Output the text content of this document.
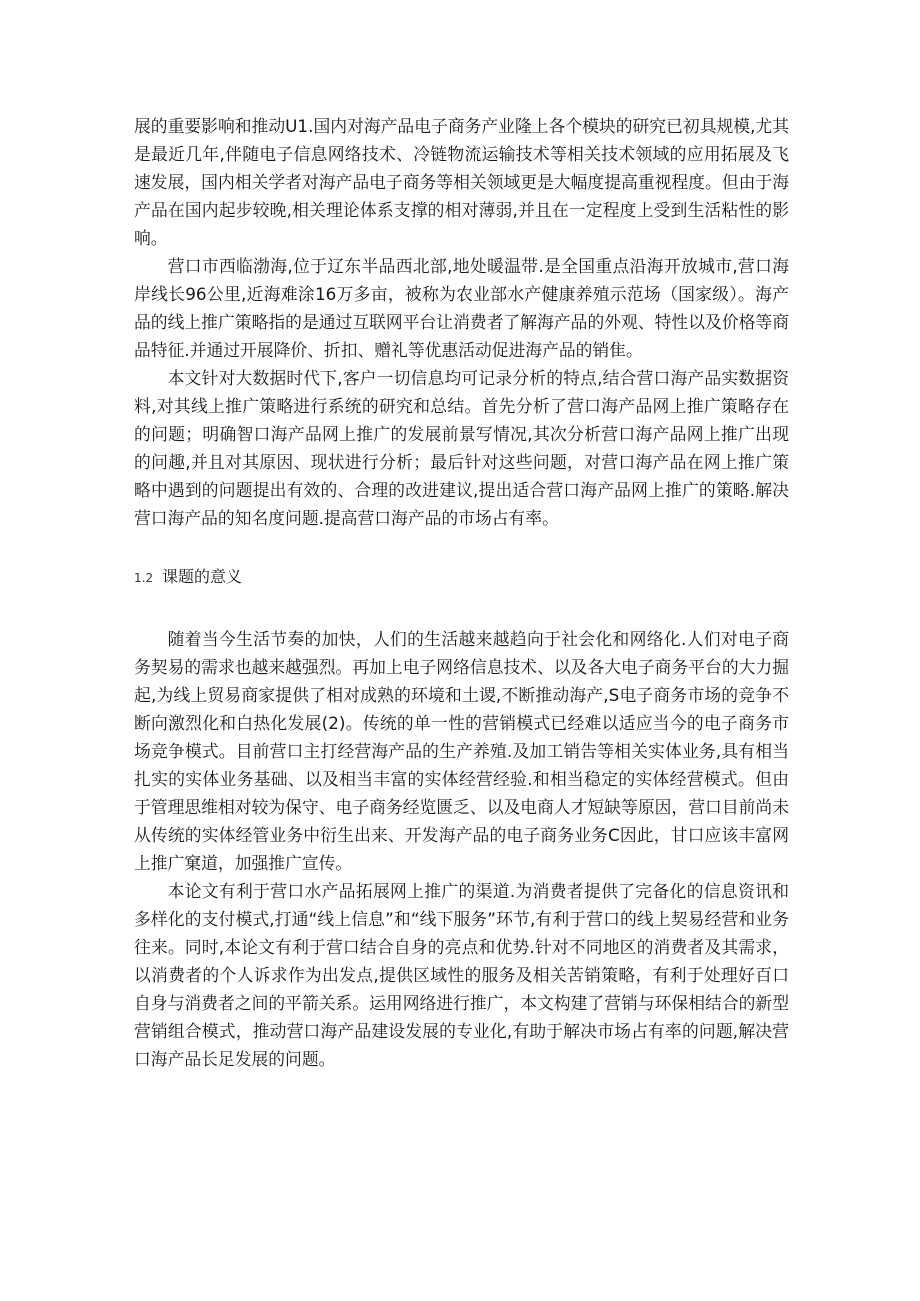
展的重要影响和推动U1.国内对海产品电子商务产业隆上各个模块的研究已初具规模,尤其是最近几年,伴随电子信息网络技术、冷链物流运输技术等相关技术领域的应用拓展及飞速发展，国内相关学者对海产品电子商务等相关领域更是大幅度提高重视程度。但由于海产品在国内起步较晚,相关理论体系支撑的相对薄弱,并且在一定程度上受到生活粘性的影响。

营口市西临渤海,位于辽东半品西北部,地处暖温带.是全国重点沿海开放城市,营口海岸线长96公里,近海难涂16万多亩，被称为农业部水产健康养殖示范场（国家级）。海产品的线上推广策略指的是通过互联网平台让消费者了解海产品的外观、特性以及价格等商品特征.并通过开展降价、折扣、赠礼等优惠活动促进海产品的销隹。

本文针对大数据时代下,客户一切信息均可记录分析的特点,结合营口海产品实数据资料,对其线上推广策略进行系统的研究和总结。首先分析了营口海产品网上推广策略存在的问题；明确智口海产品网上推广的发展前景写情况,其次分析营口海产品网上推广出现的问趣,并且对其原因、现状进行分析；最后针对这些问题，对营口海产品在网上推广策略中遇到的问题提出有效的、合理的改进建议,提出适合营口海产品网上推广的策略.解决营口海产品的知名度问题.提高营口海产品的市场占有率。

1.2 课题的意义

随着当今生活节奏的加快，人们的生活越来越趋向于社会化和网络化.人们对电子商务契易的需求也越来越强烈。再加上电子网络信息技术、以及各大电子商务平台的大力掘起,为线上贸易商家提供了相对成熟的环境和土谡,不断推动海产,S电子商务市场的竞争不断向激烈化和白热化发展(2)。传统的单一性的营销模式已经难以适应当今的电子商务市场竞争模式。目前营口主打经营海产品的生产养殖.及加工销告等相关实体业务,具有相当扎实的实体业务基础、以及相当丰富的实体经营经验.和相当稳定的实体经营模式。但由于管理思维相对较为保守、电子商务经览匮乏、以及电商人才短缺等原因，营口目前尚未从传统的实体经管业务中衍生出来、开发海产品的电子商务业务C因此，甘口应该丰富网上推广窠道，加强推广宣传。

本论文有利于营口水产品拓展网上推广的渠道.为消费者提供了完备化的信息资讯和多样化的支付模式,打通“线上信息”和“线下服务”环节,有利于营口的线上契易经营和业务往来。同时,本论文有利于营口结合自身的亮点和优势.针对不同地区的消费者及其需求，以消费者的个人诉求作为出发点,提供区域性的服务及相关苦销策略，有利于处理好百口自身与消费者之间的平箭关系。运用网络进行推广，本文构建了营销与环保相结合的新型营销组合模式，推动营口海产品建设发展的专业化,有助于解决市场占有率的问题,解决营口海产品长足发展的问题。
